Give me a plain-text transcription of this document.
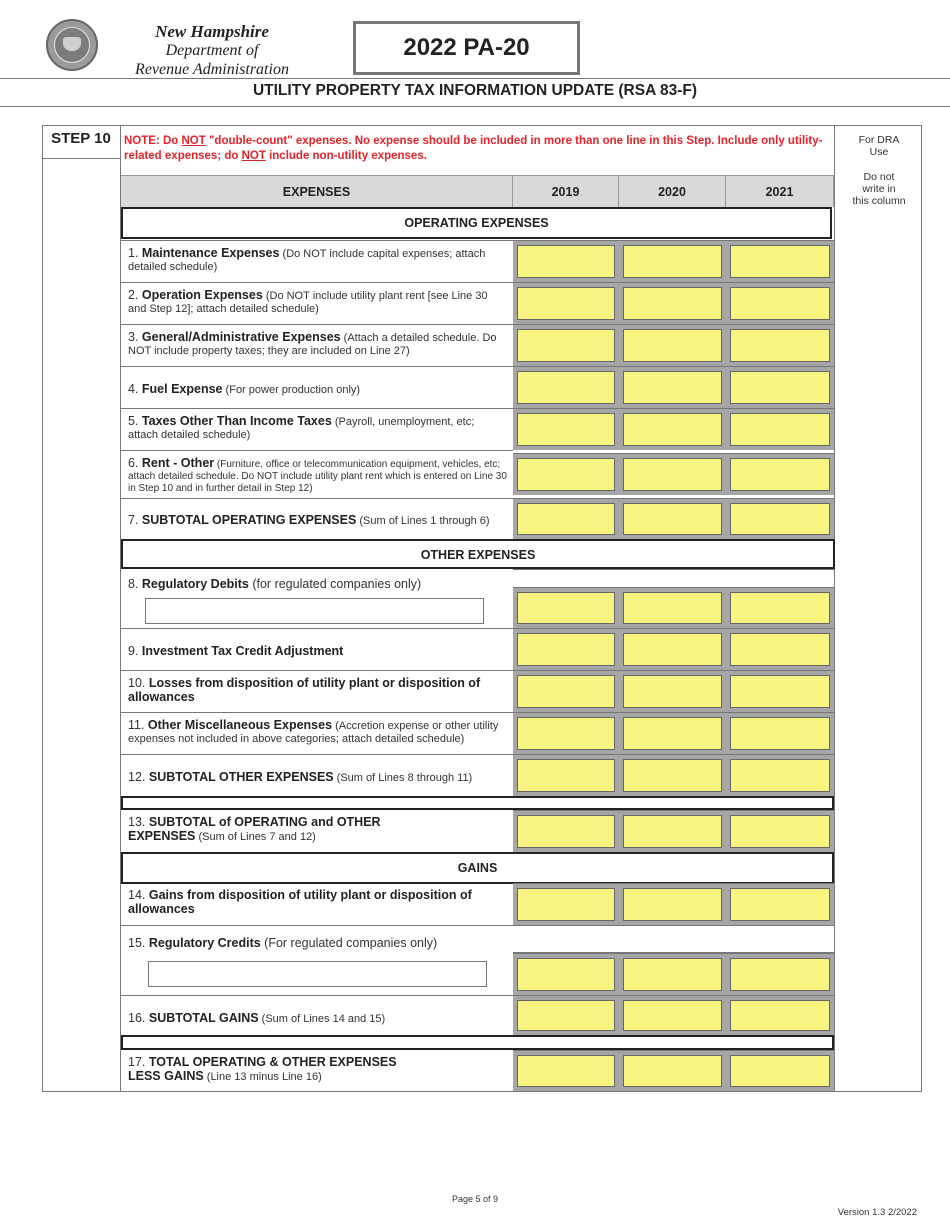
New Hampshire
Department of
Revenue Administration
2022 PA-20
UTILITY PROPERTY TAX INFORMATION UPDATE (RSA 83-F)
STEP 10	NOTE: Do NOT "double-count" expenses. No expense should be included in more than one line in this Step. Include only utility-related expenses; do NOT include non-utility expenses.
For DRA
Use
Do not
write in
this column
EXPENSES	2019	2020	2021
OPERATING EXPENSES
OTHER EXPENSES
GAINS
1. Maintenance Expenses (Do NOT include capital expenses; attach detailed schedule)
2. Operation Expenses (Do NOT include utility plant rent [see Line 30 and Step 12]; attach detailed schedule)
3. General/Administrative Expenses (Attach a detailed schedule. Do NOT include property taxes; they are included on Line 27)
4. Fuel Expense (For power production only)
5. Taxes Other Than Income Taxes (Payroll, unemployment, etc; attach detailed schedule)
6. Rent - Other (Furniture, office or telecommunication equipment, vehicles, etc; attach detailed schedule. Do NOT include utility plant rent which is entered on Line 30 in Step 10 and in further detail in Step 12)
7. SUBTOTAL OPERATING EXPENSES (Sum of Lines 1 through 6)
8. Regulatory Debits (for regulated companies only)
9. Investment Tax Credit Adjustment
10. Losses from disposition of utility plant or disposition of allowances
11. Other Miscellaneous Expenses (Accretion expense or other utility expenses not included in above categories; attach detailed schedule)
12. SUBTOTAL OTHER EXPENSES (Sum of Lines 8 through 11)
13. SUBTOTAL of OPERATING and OTHER EXPENSES (Sum of Lines 7 and 12)
14. Gains from disposition of utility plant or disposition of allowances
15. Regulatory Credits (For regulated companies only)
16. SUBTOTAL GAINS (Sum of Lines 14 and 15)
17. TOTAL OPERATING & OTHER EXPENSES LESS GAINS (Line 13 minus Line 16)
Page 5 of 9
Version 1.3 2/2022
